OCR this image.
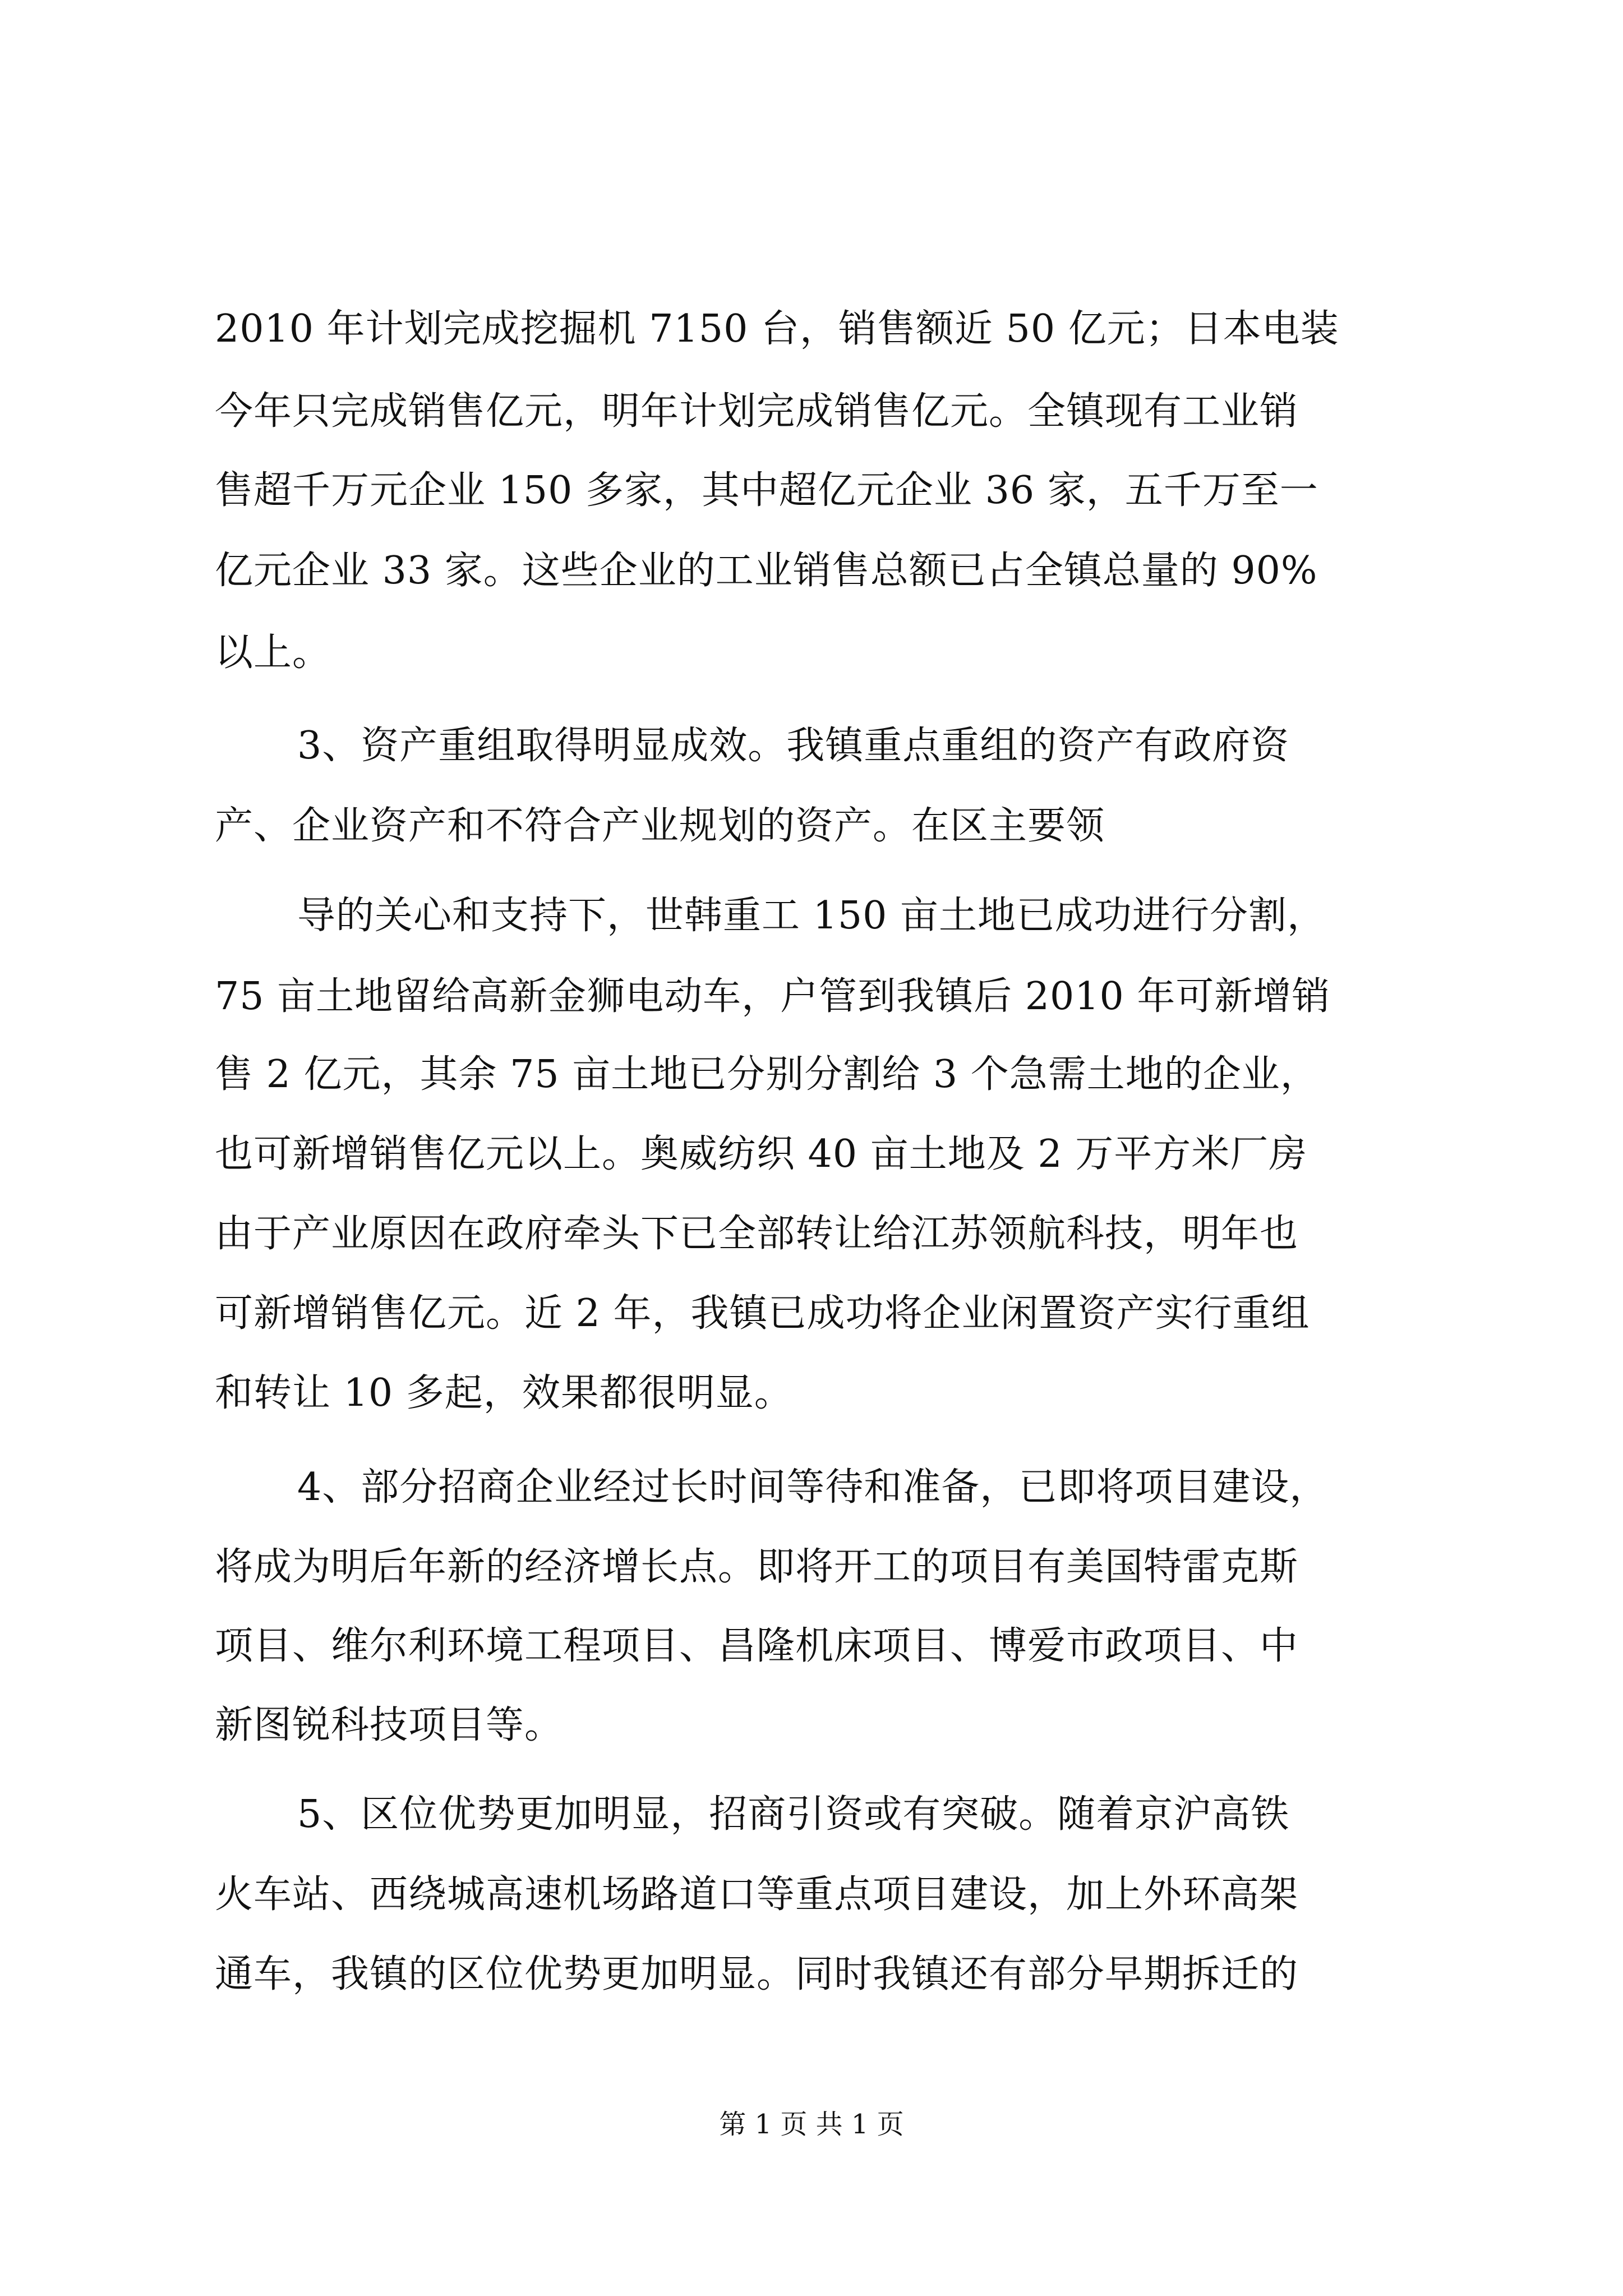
2010 年计划完成挖掘机 7150 台，销售额近 50 亿元；日本电装
今年只完成销售亿元，明年计划完成销售亿元。全镇现有工业销
售超千万元企业 150 多家，其中超亿元企业 36 家，五千万至一
亿元企业 33 家。这些企业的工业销售总额已占全镇总量的 90%
以上。
3、资产重组取得明显成效。我镇重点重组的资产有政府资
产、企业资产和不符合产业规划的资产。在区主要领
导的关心和支持下，世韩重工 150 亩土地已成功进行分割，
75 亩土地留给高新金狮电动车，户管到我镇后 2010 年可新增销
售 2 亿元，其余 75 亩土地已分别分割给 3 个急需土地的企业，
也可新增销售亿元以上。奥威纺织 40 亩土地及 2 万平方米厂房
由于产业原因在政府牵头下已全部转让给江苏领航科技，明年也
可新增销售亿元。近 2 年，我镇已成功将企业闲置资产实行重组
和转让 10 多起，效果都很明显。
4、部分招商企业经过长时间等待和准备，已即将项目建设，
将成为明后年新的经济增长点。即将开工的项目有美国特雷克斯
项目、维尔利环境工程项目、昌隆机床项目、博爱市政项目、中
新图锐科技项目等。
5、区位优势更加明显，招商引资或有突破。随着京沪高铁
火车站、西绕城高速机场路道口等重点项目建设，加上外环高架
通车，我镇的区位优势更加明显。同时我镇还有部分早期拆迁的
第 1 页 共 1 页
